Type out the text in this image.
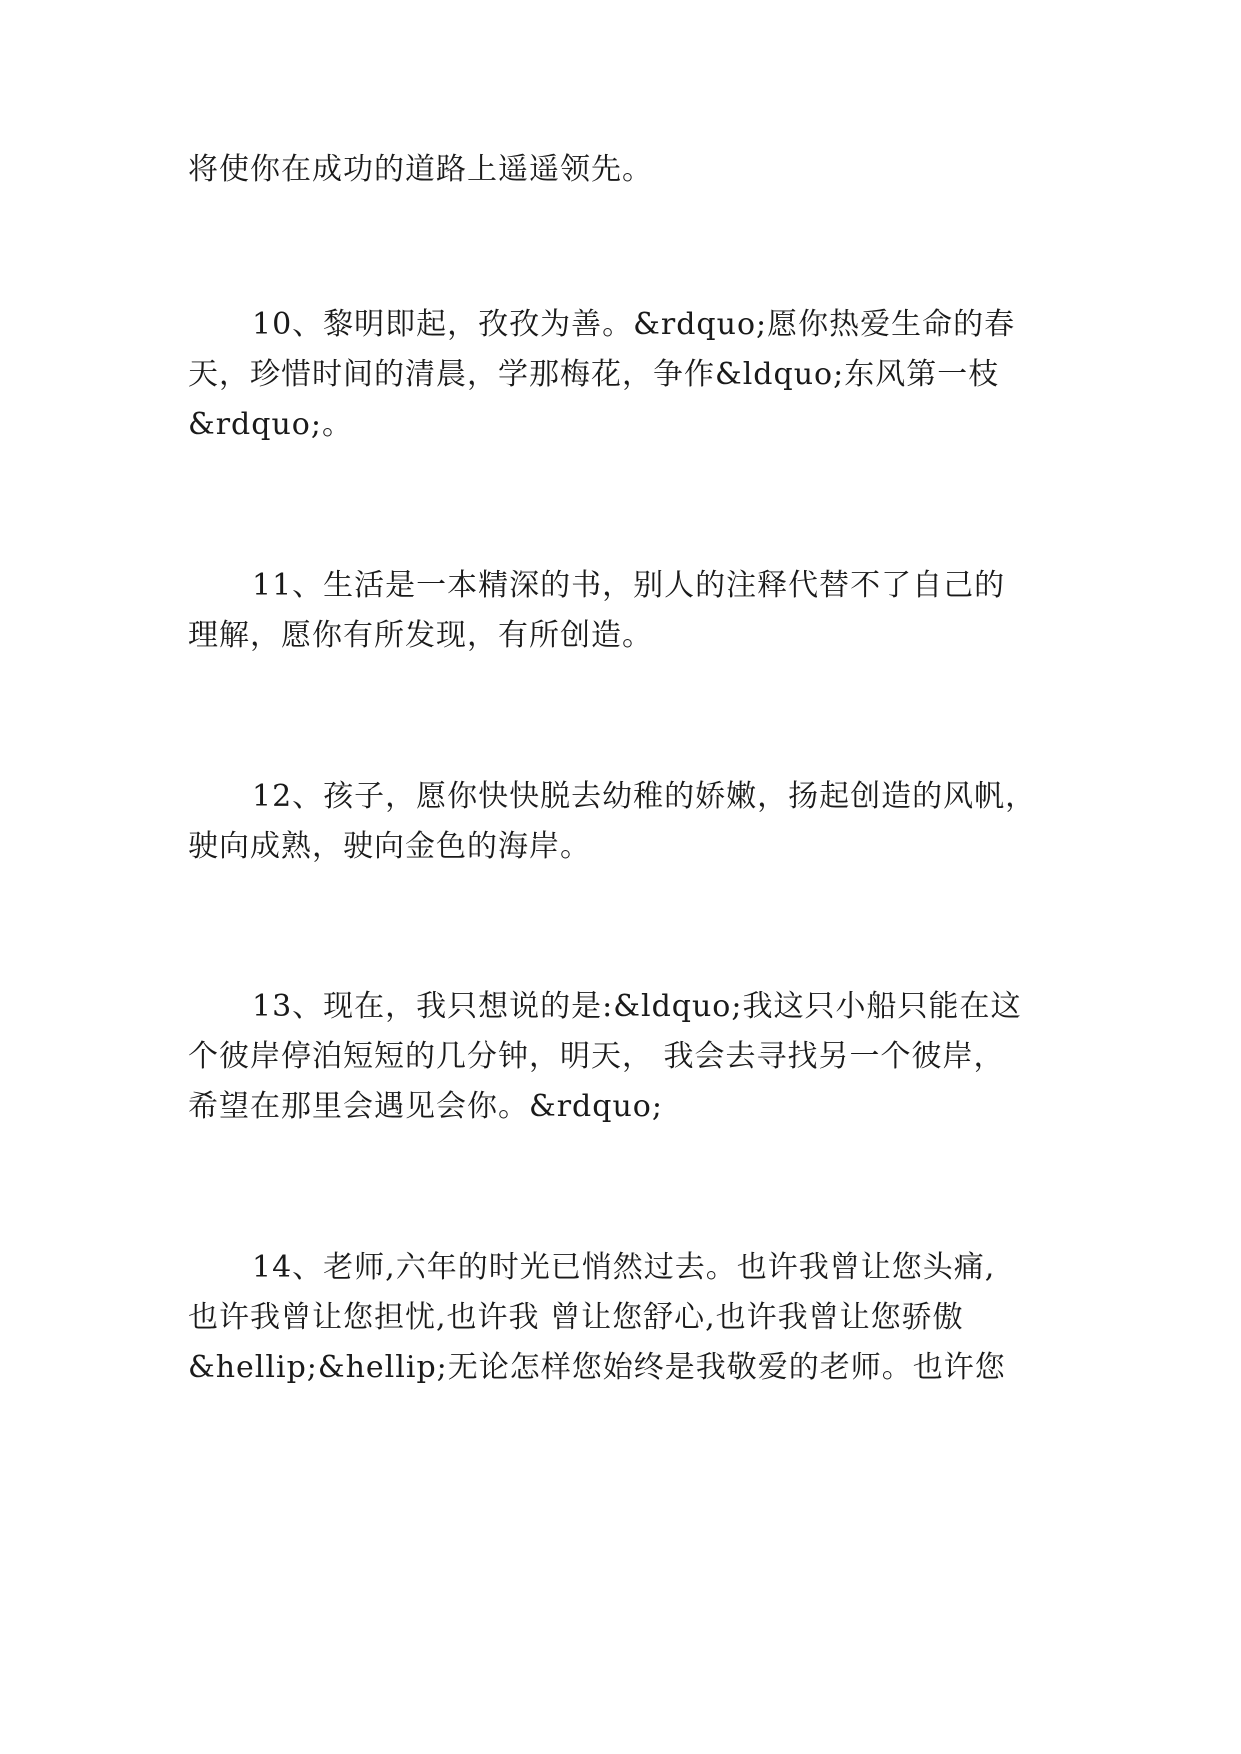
将使你在成功的道路上遥遥领先。
10、黎明即起，孜孜为善。&rdquo;愿你热爱生命的春
天，珍惜时间的清晨，学那梅花，争作&ldquo;东风第一枝
&rdquo;。
11、生活是一本精深的书，别人的注释代替不了自己的
理解，愿你有所发现，有所创造。
12、孩子，愿你快快脱去幼稚的娇嫩，扬起创造的风帆，
驶向成熟，驶向金色的海岸。
13、现在，我只想说的是:&ldquo;我这只小船只能在这
个彼岸停泊短短的几分钟，明天， 我会去寻找另一个彼岸，
希望在那里会遇见会你。&rdquo;
14、老师,六年的时光已悄然过去。也许我曾让您头痛,
也许我曾让您担忧,也许我 曾让您舒心,也许我曾让您骄傲
&hellip;&hellip;无论怎样您始终是我敬爱的老师。也许您
